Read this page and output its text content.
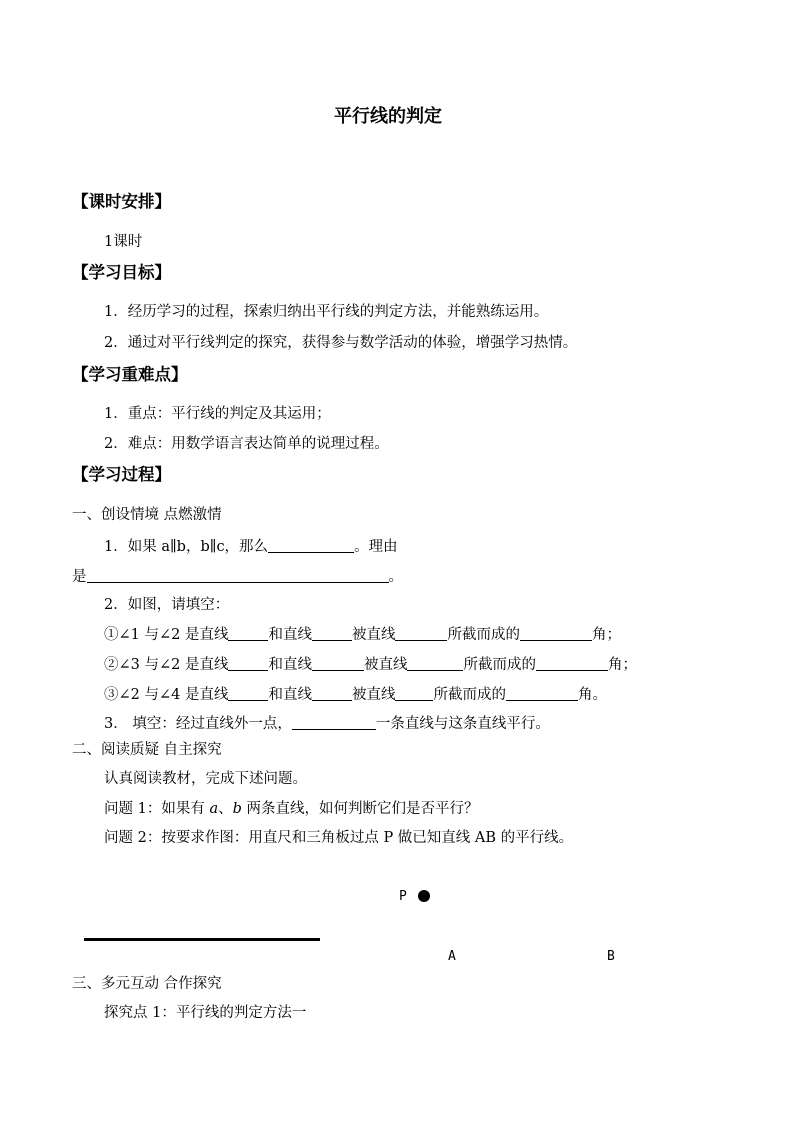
平行线的判定
【课时安排】
1课时
【学习目标】
1．经历学习的过程，探索归纳出平行线的判定方法，并能熟练运用。
2．通过对平行线判定的探究，获得参与数学活动的体验，增强学习热情。
【学习重难点】
1．重点：平行线的判定及其运用；
2．难点：用数学语言表达简单的说理过程。
【学习过程】
一、创设情境 点燃激情
1．如果 a∥b，b∥c，那么	。理由
是	。
2．如图，请填空：
①∠1 与∠2 是直线	和直线	被直线	所截而成的	角；
②∠3 与∠2 是直线	和直线	被直线	所截而成的	角；
③∠2 与∠4 是直线	和直线	被直线	所截而成的	角。
3． 填空：经过直线外一点，	一条直线与这条直线平行。
二、阅读质疑 自主探究
认真阅读教材，完成下述问题。
问题 1：如果有 a、b 两条直线，如何判断它们是否平行？
问题 2：按要求作图：用直尺和三角板过点 P 做已知直线 AB 的平行线。
P
A	B
三、多元互动 合作探究
探究点 1：平行线的判定方法一
